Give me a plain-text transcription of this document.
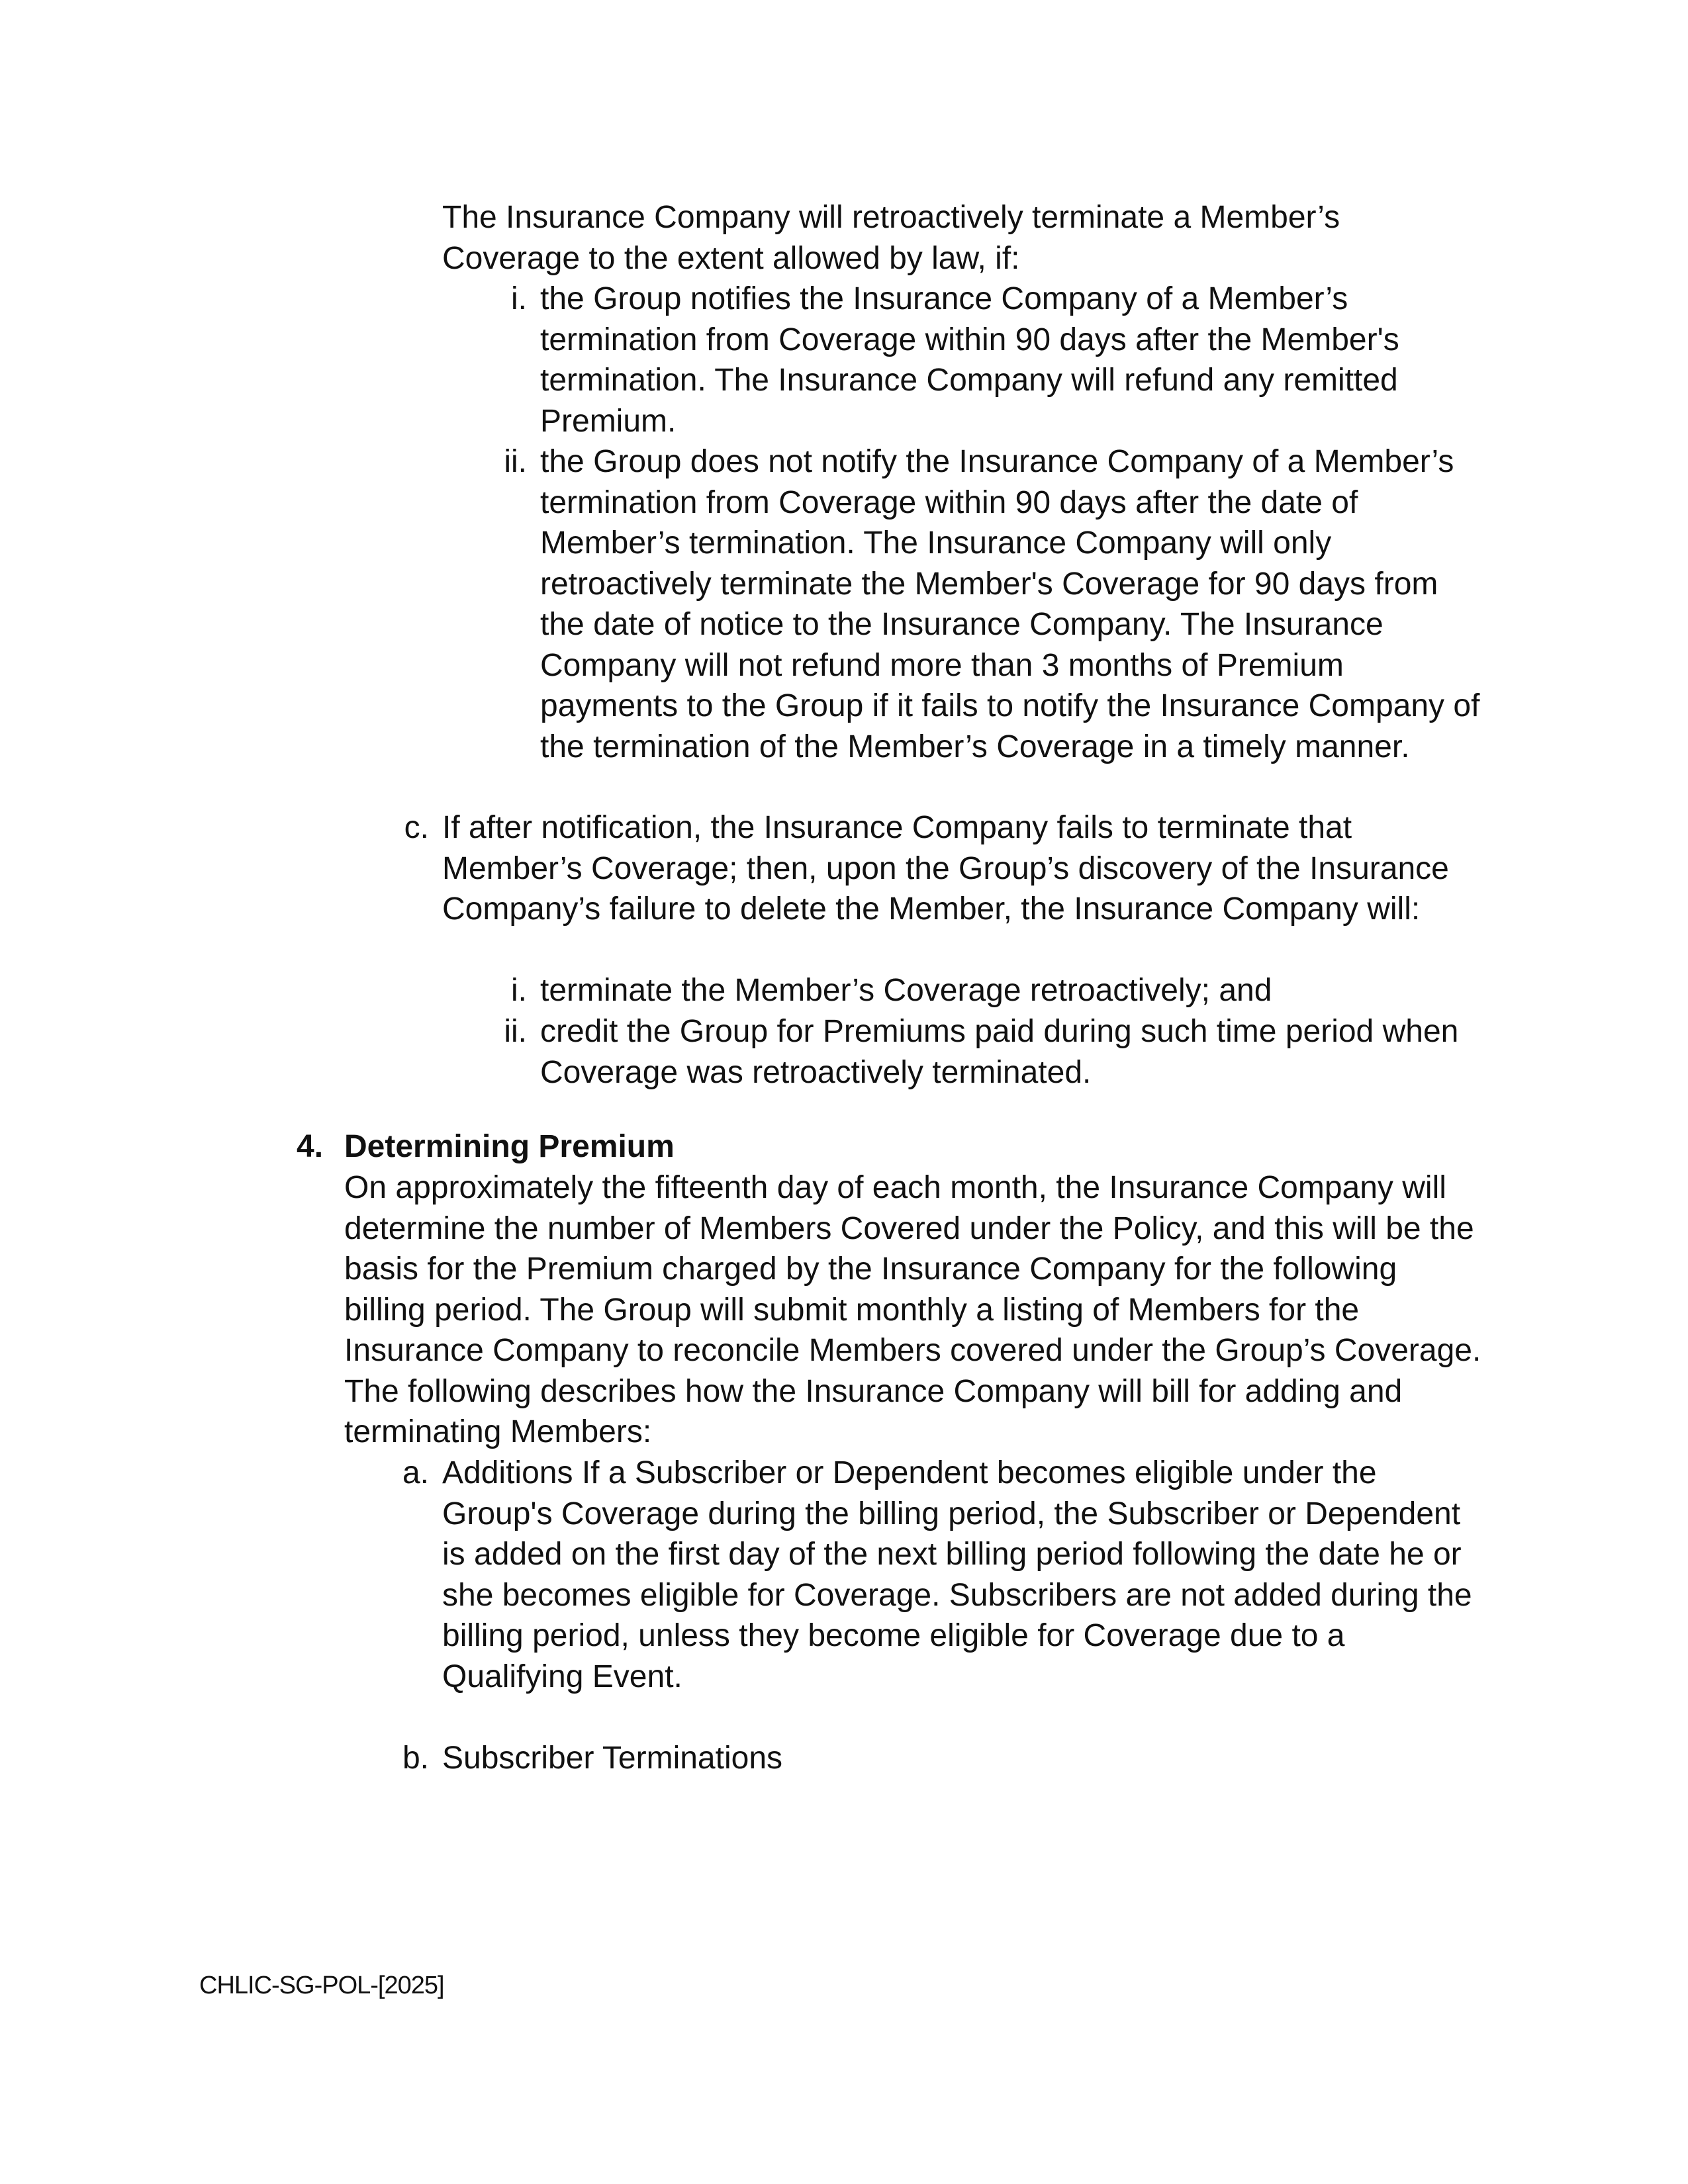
The Insurance Company will retroactively terminate a Member’s Coverage to the extent allowed by law, if:

i. the Group notifies the Insurance Company of a Member’s termination from Coverage within 90 days after the Member's termination. The Insurance Company will refund any remitted Premium.
ii. the Group does not notify the Insurance Company of a Member’s termination from Coverage within 90 days after the date of Member’s termination. The Insurance Company will only retroactively terminate the Member's Coverage for 90 days from the date of notice to the Insurance Company. The Insurance Company will not refund more than 3 months of Premium payments to the Group if it fails to notify the Insurance Company of the termination of the Member’s Coverage in a timely manner.
c. If after notification, the Insurance Company fails to terminate that Member’s Coverage; then, upon the Group’s discovery of the Insurance Company’s failure to delete the Member, the Insurance Company will:
i. terminate the Member’s Coverage retroactively; and
ii. credit the Group for Premiums paid during such time period when Coverage was retroactively terminated.
4. Determining Premium

On approximately the fifteenth day of each month, the Insurance Company will determine the number of Members Covered under the Policy, and this will be the basis for the Premium charged by the Insurance Company for the following billing period. The Group will submit monthly a listing of Members for the Insurance Company to reconcile Members covered under the Group’s Coverage. The following describes how the Insurance Company will bill for adding and terminating Members:

a. Additions If a Subscriber or Dependent becomes eligible under the Group's Coverage during the billing period, the Subscriber or Dependent is added on the first day of the next billing period following the date he or she becomes eligible for Coverage. Subscribers are not added during the billing period, unless they become eligible for Coverage due to a Qualifying Event.
b. Subscriber Terminations
CHLIC-SG-POL-[2025]
